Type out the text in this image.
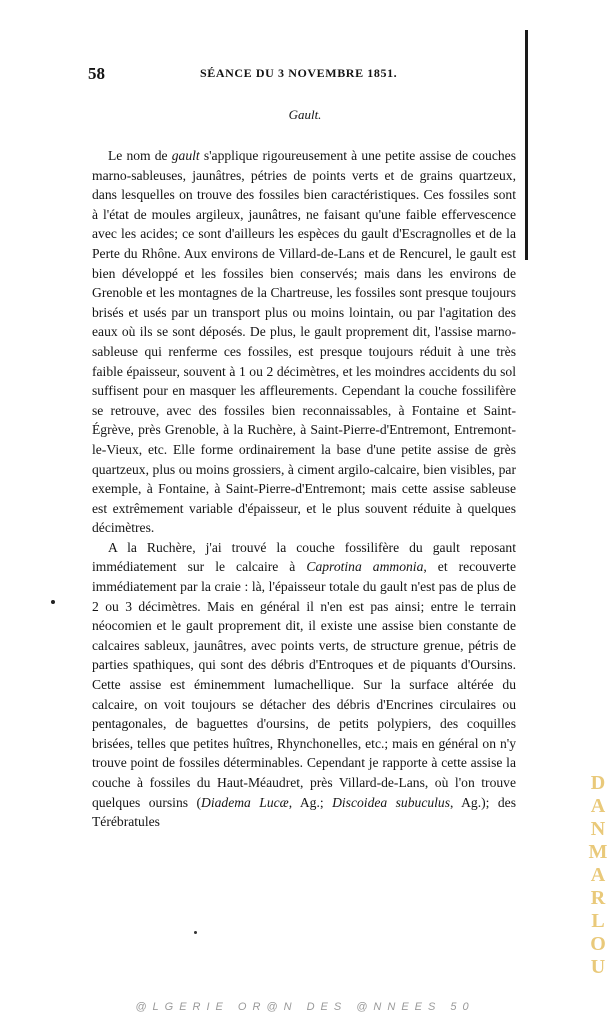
58	SÉANCE DU 3 NOVEMBRE 1851.
Gault.

Le nom de gault s'applique rigoureusement à une petite assise de couches marno-sableuses, jaunâtres, pétries de points verts et de grains quartzeux, dans lesquelles on trouve des fossiles bien caractéristiques. Ces fossiles sont à l'état de moules argileux, jaunâtres, ne faisant qu'une faible effervescence avec les acides; ce sont d'ailleurs les espèces du gault d'Escragnolles et de la Perte du Rhône. Aux environs de Villard-de-Lans et de Rencurel, le gault est bien développé et les fossiles bien conservés; mais dans les environs de Grenoble et les montagnes de la Chartreuse, les fossiles sont presque toujours brisés et usés par un transport plus ou moins lointain, ou par l'agitation des eaux où ils se sont déposés. De plus, le gault proprement dit, l'assise marno-sableuse qui renferme ces fossiles, est presque toujours réduit à une très faible épaisseur, souvent à 1 ou 2 décimètres, et les moindres accidents du sol suffisent pour en masquer les affleurements. Cependant la couche fossilifère se retrouve, avec des fossiles bien reconnaissables, à Fontaine et Saint-Égrève, près Grenoble, à la Ruchère, à Saint-Pierre-d'Entremont, Entremont-le-Vieux, etc. Elle forme ordinairement la base d'une petite assise de grès quartzeux, plus ou moins grossiers, à ciment argilo-calcaire, bien visibles, par exemple, à Fontaine, à Saint-Pierre-d'Entremont; mais cette assise sableuse est extrêmement variable d'épaisseur, et le plus souvent réduite à quelques décimètres.

A la Ruchère, j'ai trouvé la couche fossilifère du gault reposant immédiatement sur le calcaire à Caprotina ammonia, et recouverte immédiatement par la craie : là, l'épaisseur totale du gault n'est pas de plus de 2 ou 3 décimètres. Mais en général il n'en est pas ainsi; entre le terrain néocomien et le gault proprement dit, il existe une assise bien constante de calcaires sableux, jaunâtres, avec points verts, de structure grenue, pétris de parties spathiques, qui sont des débris d'Entroques et de piquants d'Oursins. Cette assise est éminemment lumachellique. Sur la surface altérée du calcaire, on voit toujours se détacher des débris d'Encrines circulaires ou pentagonales, de baguettes d'oursins, de petits polypiers, des coquilles brisées, telles que petites huîtres, Rhynchonelles, etc.; mais en général on n'y trouve point de fossiles déterminables. Cependant je rapporte à cette assise la couche à fossiles du Haut-Méaudret, près Villard-de-Lans, où l'on trouve quelques oursins (Diadema Lucæ, Ag.; Discoidea subuculus, Ag.); des Térébratules	DANMARLOU
@LGERIE OR@N DES @NNEES 50
